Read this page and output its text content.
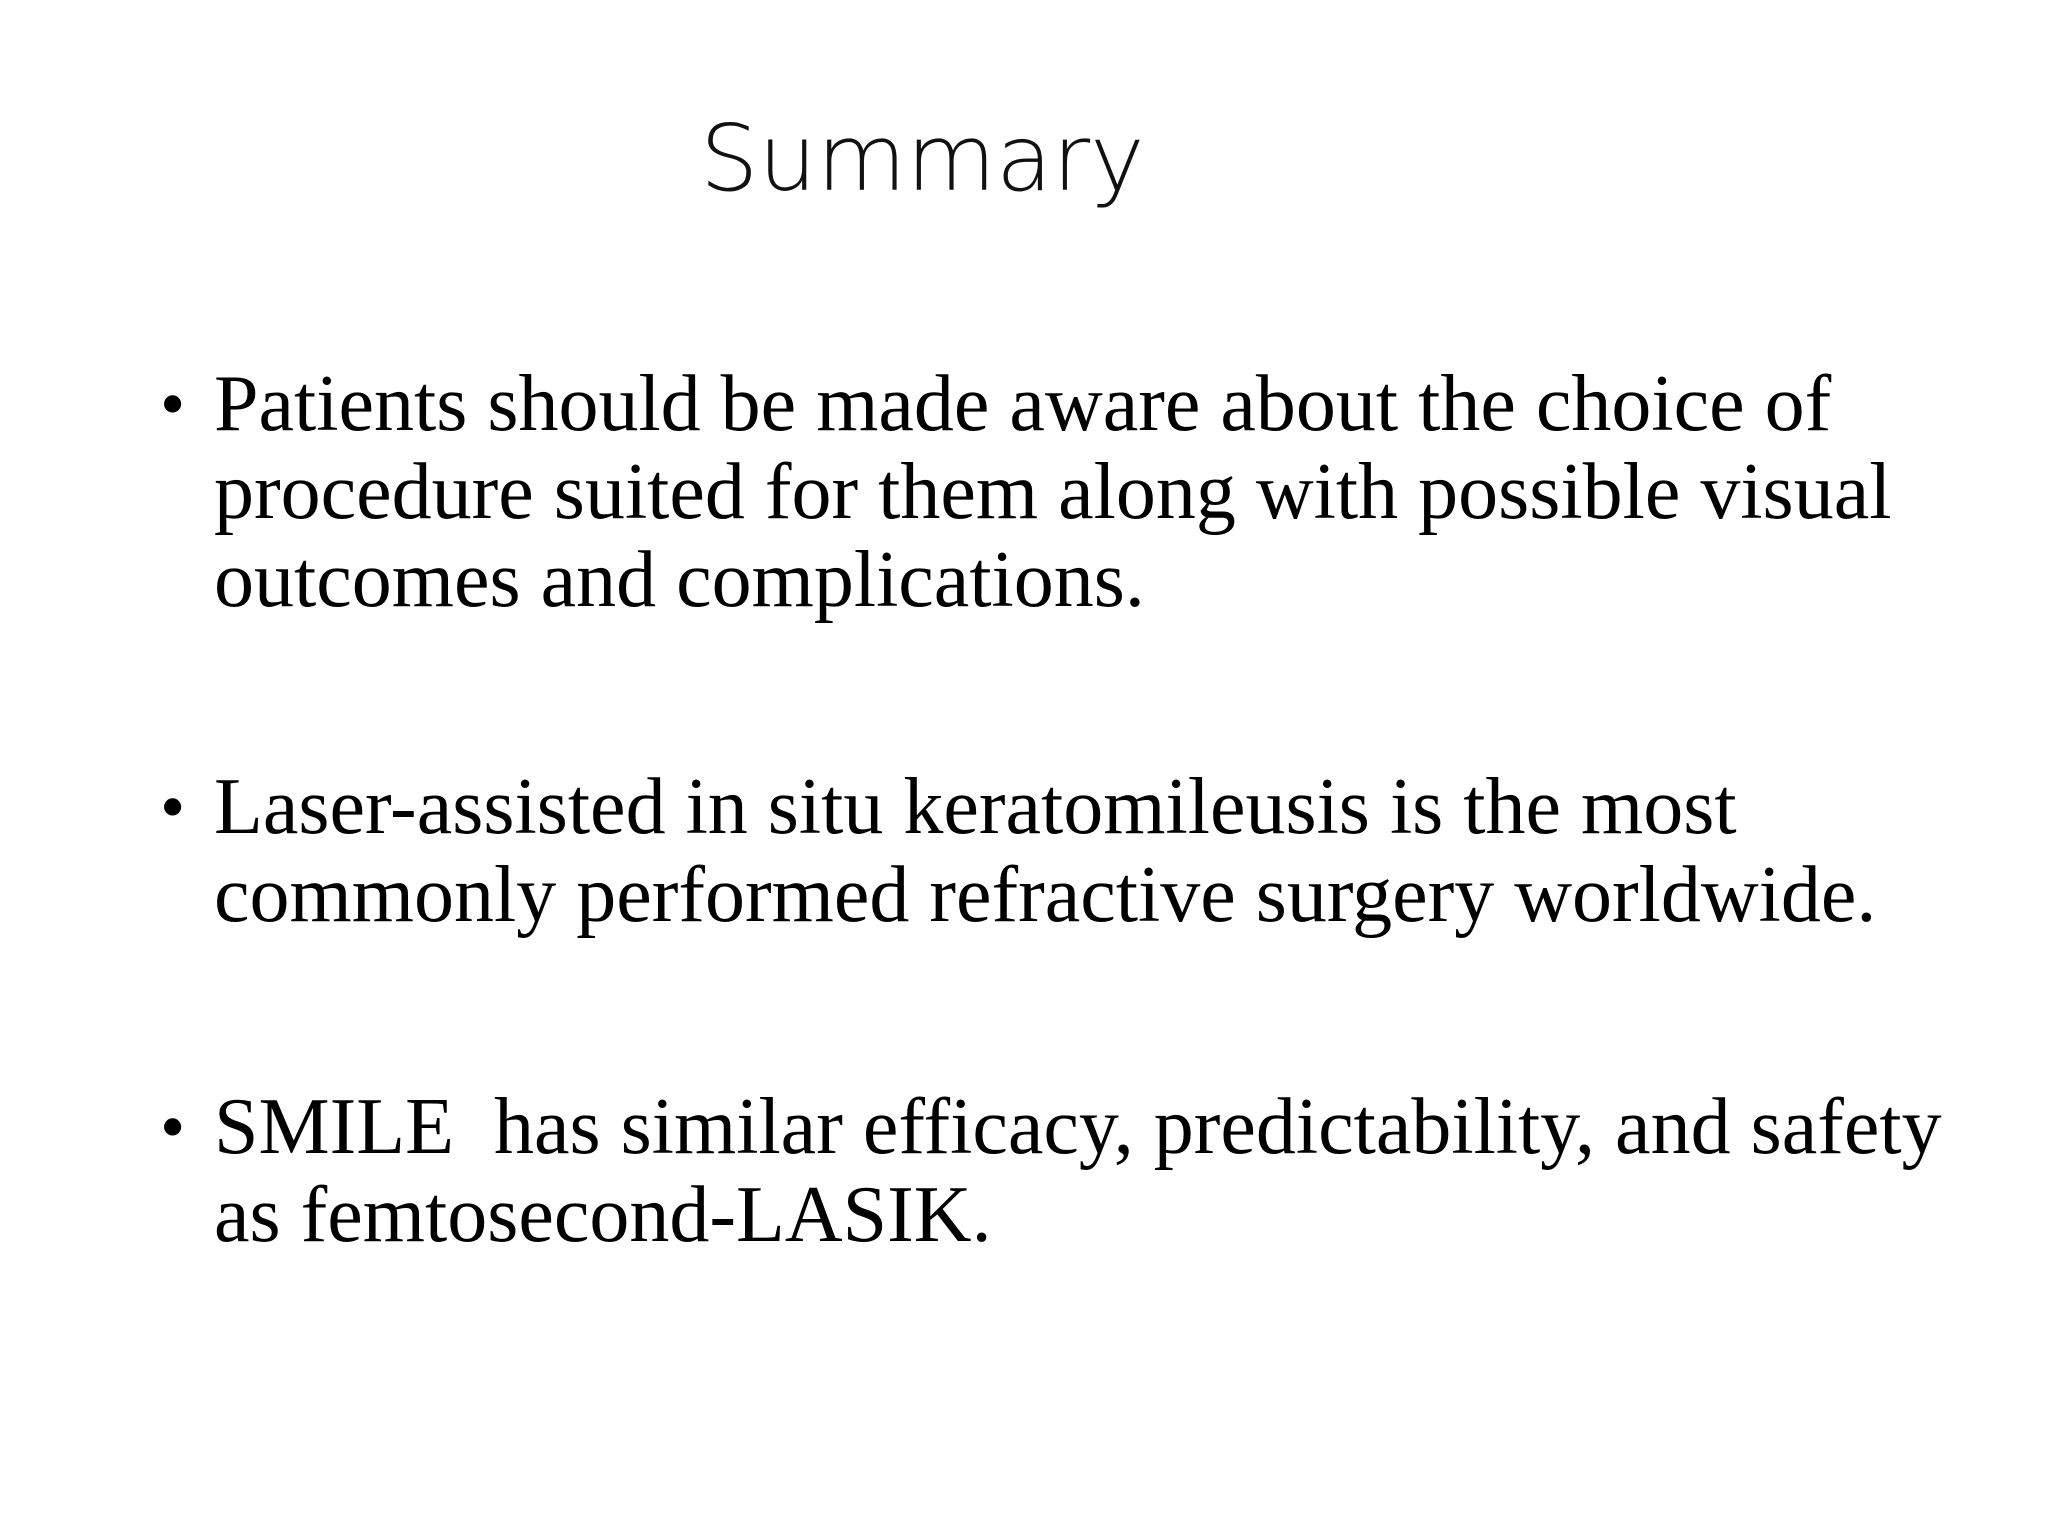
Summary
• Patients should be made aware about the choice of
procedure suited for them along with possible visual
outcomes and complications.
• Laser-assisted in situ keratomileusis is the most
commonly performed refractive surgery worldwide.
• SMILE  has similar efficacy, predictability, and safety
as femtosecond-LASIK.
